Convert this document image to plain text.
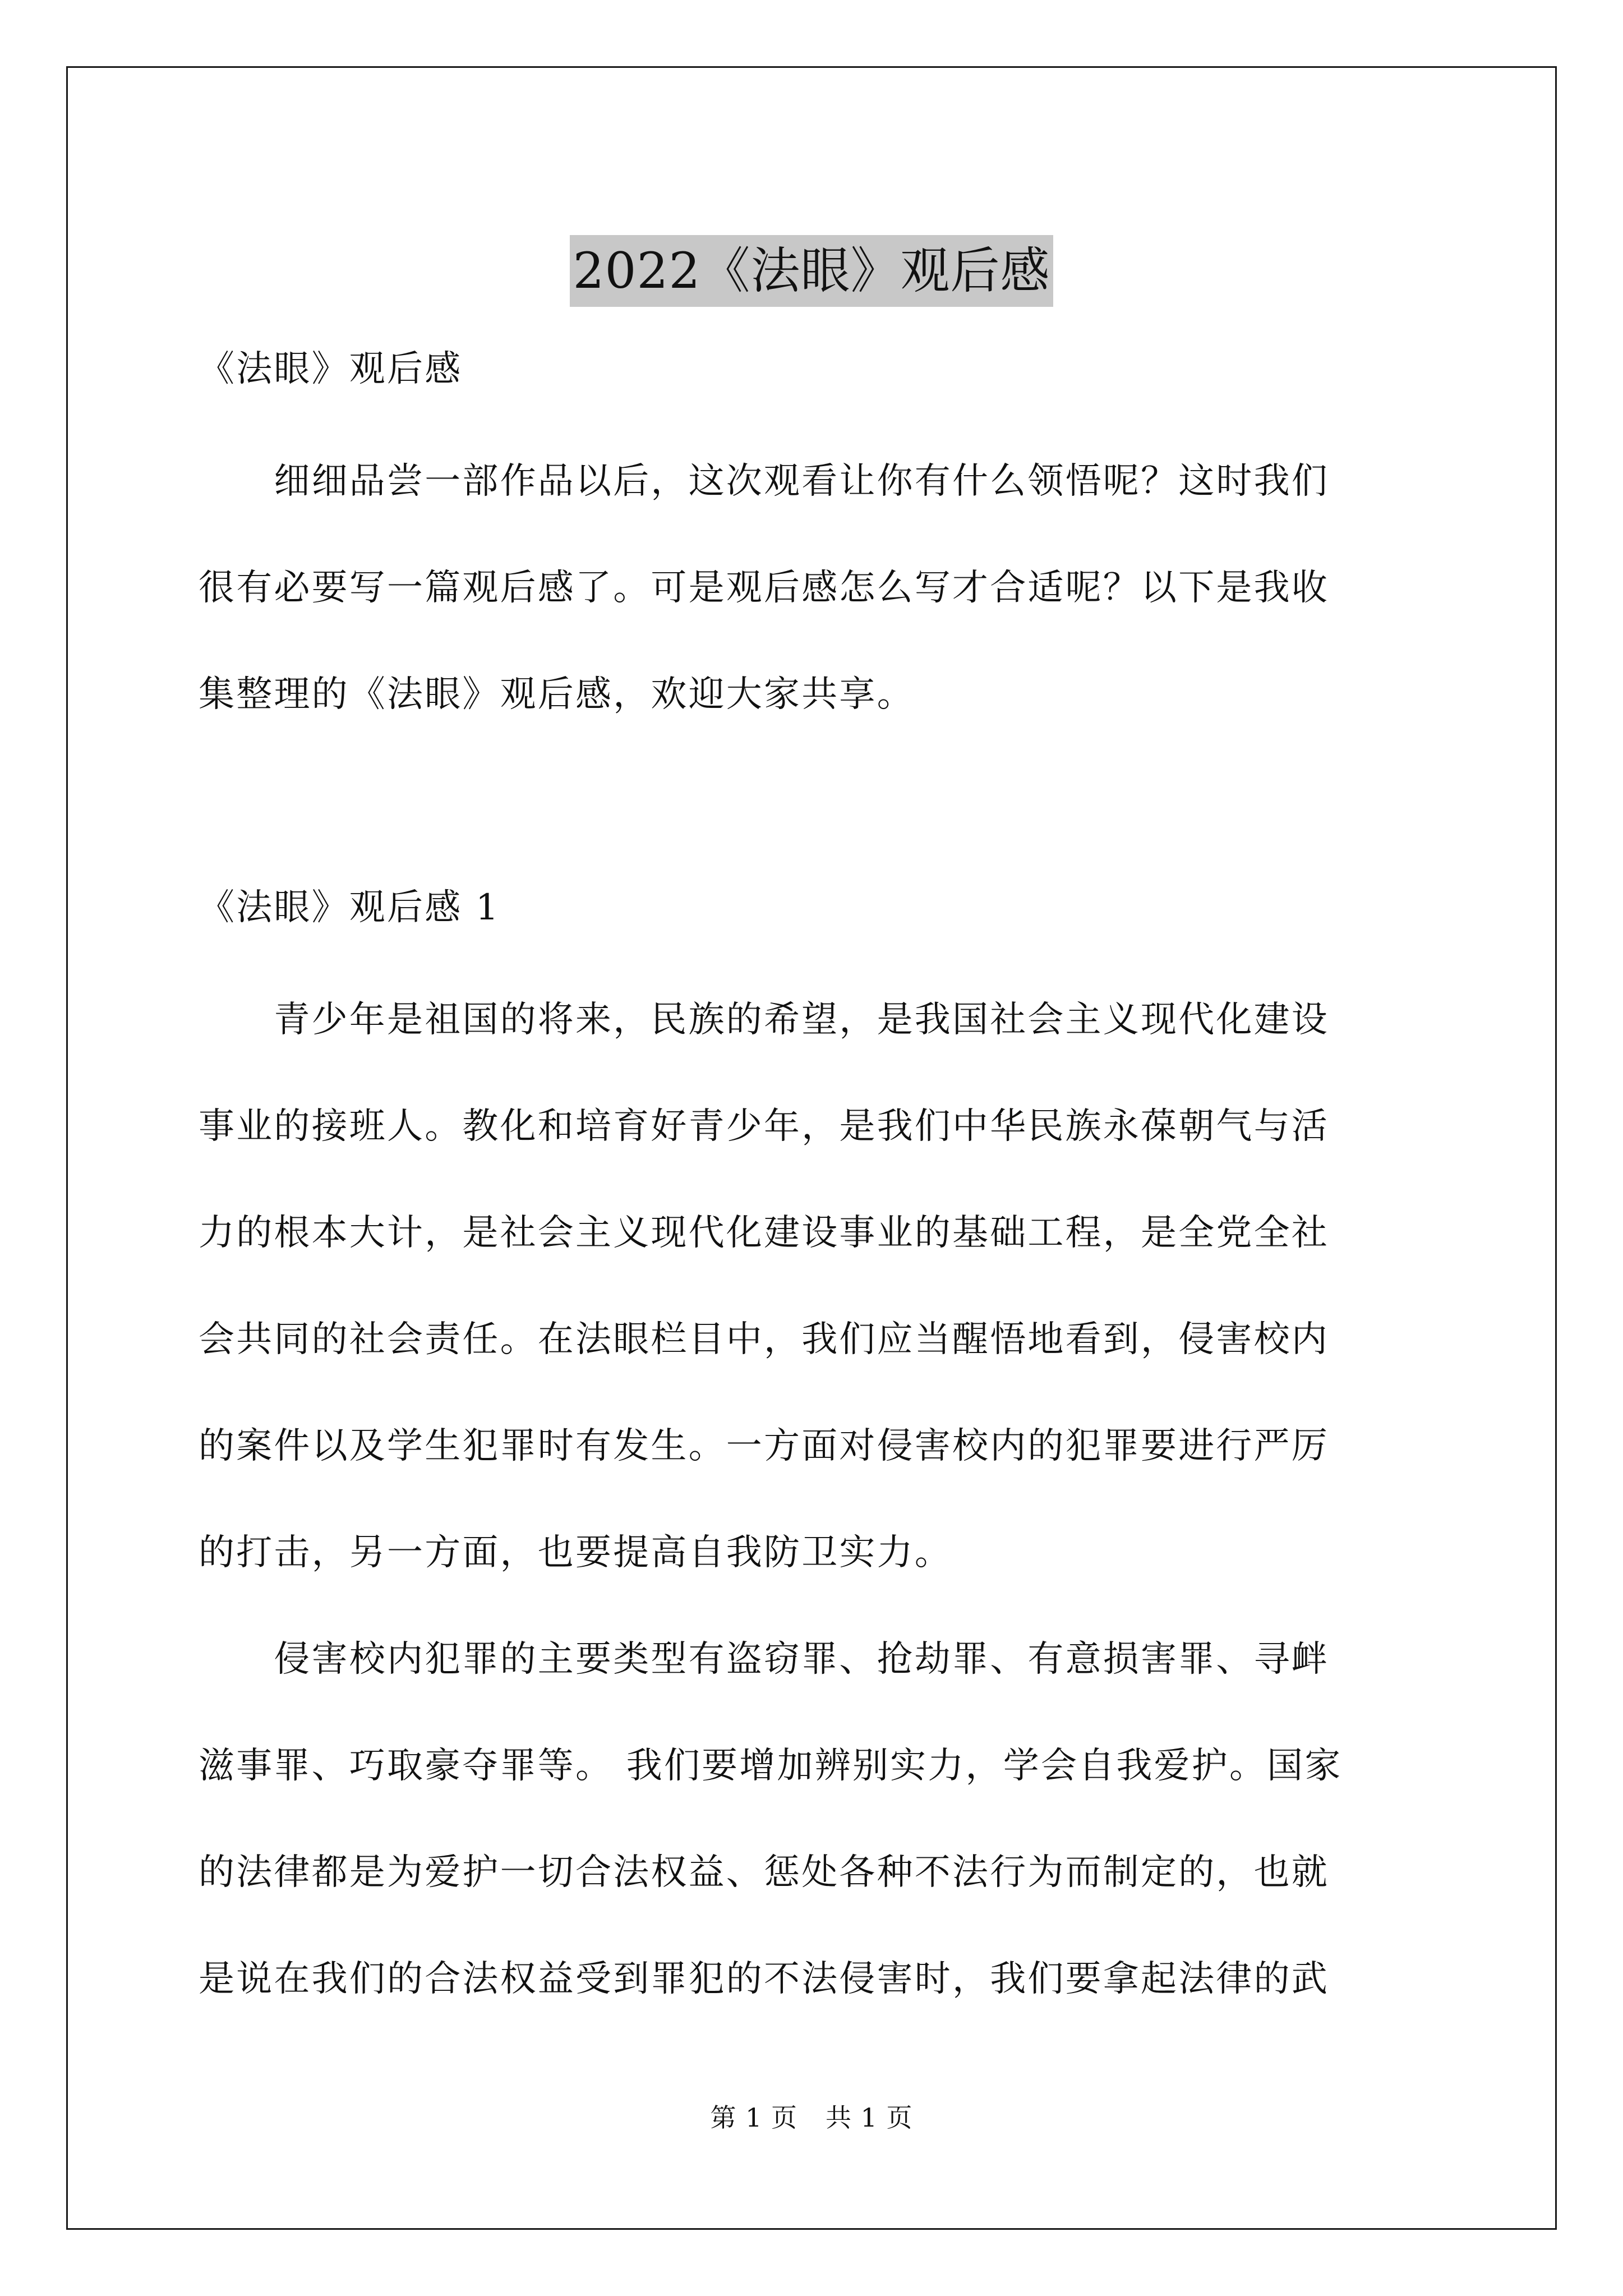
2022《法眼》观后感
《法眼》观后感
　　细细品尝一部作品以后，这次观看让你有什么领悟呢？这时我们
很有必要写一篇观后感了。可是观后感怎么写才合适呢？以下是我收
集整理的《法眼》观后感，欢迎大家共享。
《法眼》观后感 1
　　青少年是祖国的将来，民族的希望，是我国社会主义现代化建设
事业的接班人。教化和培育好青少年，是我们中华民族永葆朝气与活
力的根本大计，是社会主义现代化建设事业的基础工程，是全党全社
会共同的社会责任。在法眼栏目中，我们应当醒悟地看到，侵害校内
的案件以及学生犯罪时有发生。一方面对侵害校内的犯罪要进行严厉
的打击，另一方面，也要提高自我防卫实力。
　　侵害校内犯罪的主要类型有盗窃罪、抢劫罪、有意损害罪、寻衅
滋事罪、巧取豪夺罪等。 我们要增加辨别实力，学会自我爱护。国家
的法律都是为爱护一切合法权益、惩处各种不法行为而制定的，也就
是说在我们的合法权益受到罪犯的不法侵害时，我们要拿起法律的武
第 1 页 共 1 页
